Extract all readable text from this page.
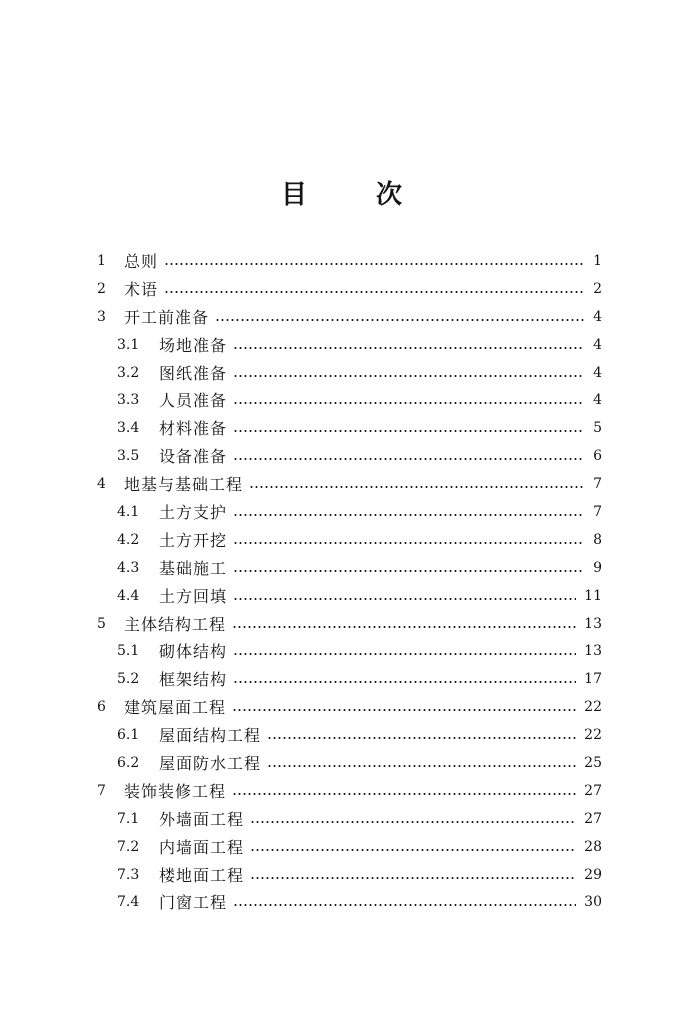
目 次
1	总则	1
2	术语	2
3	开工前准备	4
3.1	场地准备	4
3.2	图纸准备	4
3.3	人员准备	4
3.4	材料准备	5
3.5	设备准备	6
4	地基与基础工程	7
4.1	土方支护	7
4.2	土方开挖	8
4.3	基础施工	9
4.4	土方回填	11
5	主体结构工程	13
5.1	砌体结构	13
5.2	框架结构	17
6	建筑屋面工程	22
6.1	屋面结构工程	22
6.2	屋面防水工程	25
7	装饰装修工程	27
7.1	外墙面工程	27
7.2	内墙面工程	28
7.3	楼地面工程	29
7.4	门窗工程	30
